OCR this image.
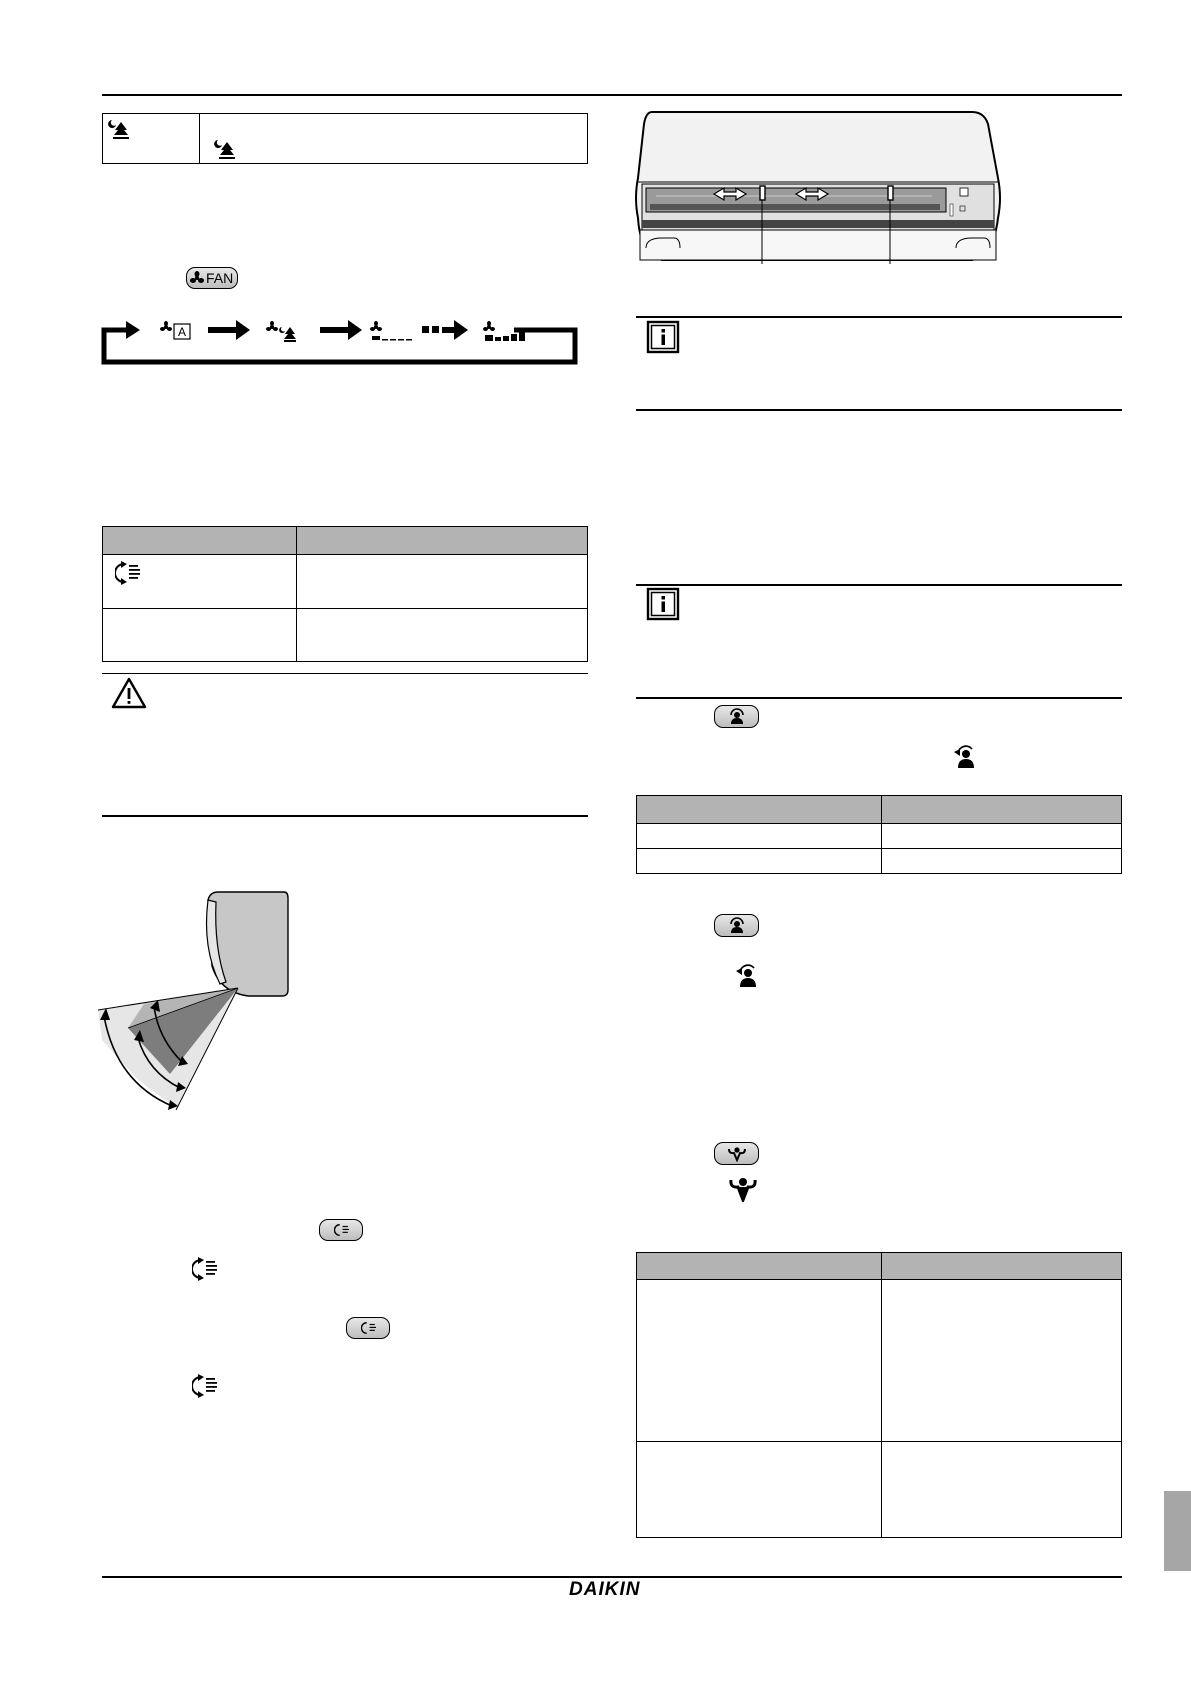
FAN
A
DAIKIN
